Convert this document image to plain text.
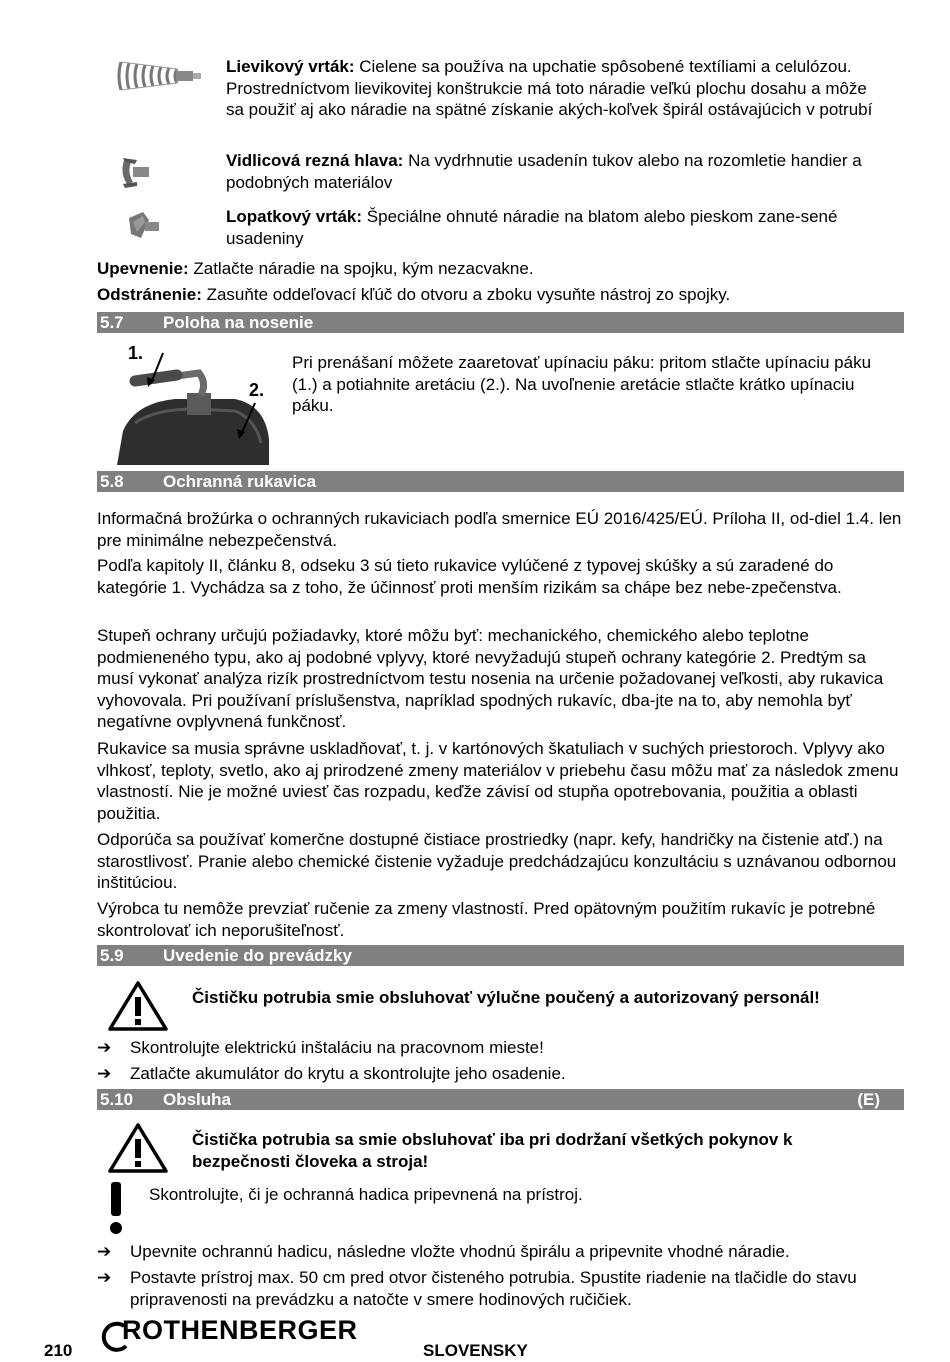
Lievikový vrták: Cielene sa používa na upchatie spôsobené textíliami a celulózou. Prostredníctvom lievikovitej konštrukcie má toto náradie veľkú plochu dosahu a môže sa použiť aj ako náradie na spätné získanie akých-koľvek špirál ostávajúcich v potrubí
Vidlicová rezná hlava: Na vydrhnutie usadenín tukov alebo na rozomletie handier a podobných materiálov
Lopatkový vrták: Špeciálne ohnuté náradie na blatom alebo pieskom zane-sené usadeniny

Upevnenie: Zatlačte náradie na spojku, kým nezacvakne.

Odstránenie: Zasuňte oddeľovací kľúč do otvoru a zboku vysuňte nástroj zo spojky.

5.7 Poloha na nosenie
1.
2.

Pri prenášaní môžete zaaretovať upínaciu páku: pritom stlačte upínaciu páku (1.) a potiahnite aretáciu (2.). Na uvoľnenie aretácie stlačte krátko upínaciu páku.

5.8 Ochranná rukavica

Informačná brožúrka o ochranných rukaviciach podľa smernice EÚ 2016/425/EÚ. Príloha II, od-diel 1.4. len pre minimálne nebezpečenstvá.

Podľa kapitoly II, článku 8, odseku 3 sú tieto rukavice vylúčené z typovej skúšky a sú zaradené do kategórie 1. Vychádza sa z toho, že účinnosť proti menším rizikám sa chápe bez nebe-zpečenstva.

Stupeň ochrany určujú požiadavky, ktoré môžu byť: mechanického, chemického alebo teplotne podmieneného typu, ako aj podobné vplyvy, ktoré nevyžadujú stupeň ochrany kategórie 2. Predtým sa musí vykonať analýza rizík prostredníctvom testu nosenia na určenie požadovanej veľkosti, aby rukavica vyhovovala. Pri používaní príslušenstva, napríklad spodných rukavíc, dba-jte na to, aby nemohla byť negatívne ovplyvnená funkčnosť.

Rukavice sa musia správne uskladňovať, t. j. v kartónových škatuliach v suchých priestoroch. Vplyvy ako vlhkosť, teploty, svetlo, ako aj prirodzené zmeny materiálov v priebehu času môžu mať za následok zmenu vlastností. Nie je možné uviesť čas rozpadu, keďže závisí od stupňa opotrebovania, použitia a oblasti použitia.

Odporúča sa používať komerčne dostupné čistiace prostriedky (napr. kefy, handričky na čistenie atď.) na starostlivosť. Pranie alebo chemické čistenie vyžaduje predchádzajúcu konzultáciu s uznávanou odbornou inštitúciou.

Výrobca tu nemôže prevziať ručenie za zmeny vlastností. Pred opätovným použitím rukavíc je potrebné skontrolovať ich neporušiteľnosť.

5.9 Uvedenie do prevádzky

Čističku potrubia smie obsluhovať výlučne poučený a autorizovaný personál!

➔	Skontrolujte elektrickú inštaláciu na pracovnom mieste!
➔	Zatlačte akumulátor do krytu a skontrolujte jeho osadenie.
5.10 Obsluha	(E)

Čistička potrubia sa smie obsluhovať iba pri dodržaní všetkých pokynov k bezpečnosti človeka a stroja!

Skontrolujte, či je ochranná hadica pripevnená na prístroj.

➔	Upevnite ochrannú hadicu, následne vložte vhodnú špirálu a pripevnite vhodné náradie.
➔	Postavte prístroj max. 50 cm pred otvor čisteného potrubia. Spustite riadenie na tlačidle do stavu pripravenosti na prevádzku a natočte v smere hodinových ručičiek.
210
ROTHENBERGER
SLOVENSKY
